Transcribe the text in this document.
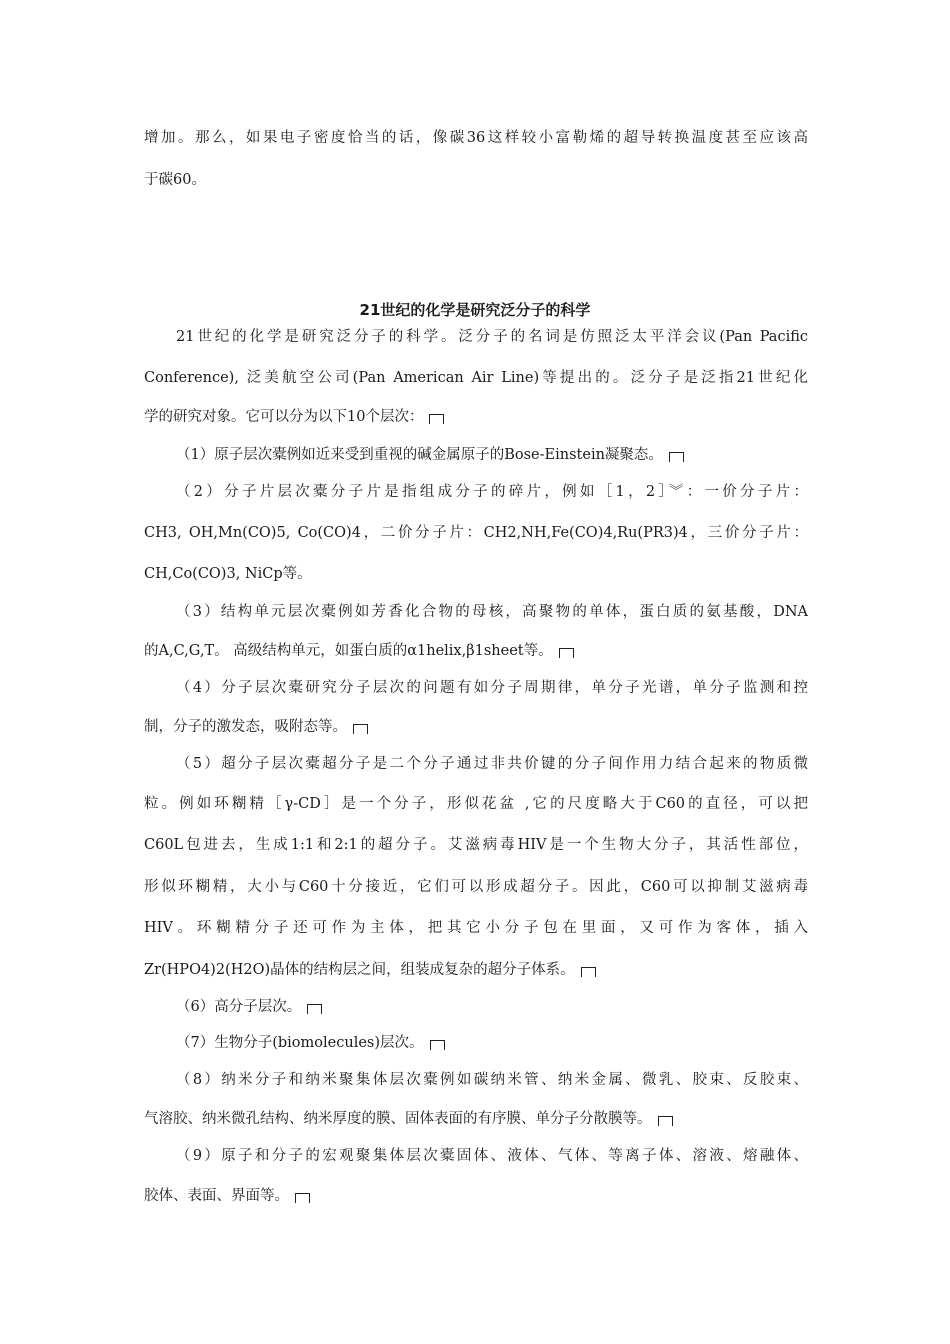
增加。那么，如果电子密度恰当的话，像碳36这样较小富勒烯的超导转换温度甚至应该高
于碳60。
21世纪的化学是研究泛分子的科学
21世纪的化学是研究泛分子的科学。泛分子的名词是仿照泛太平洋会议(Pan Pacific
Conference), 泛美航空公司(Pan American Air Line)等提出的。泛分子是泛指21世纪化
学的研究对象。它可以分为以下10个层次：
（1）原子层次橐例如近来受到重视的碱金属原子的Bose-Einstein凝聚态。
（2）分子片层次橐分子片是指组成分子的碎片，例如［1，2］︾：一价分子片：
CH3, OH,Mn(CO)5, Co(CO)4，二价分子片：CH2,NH,Fe(CO)4,Ru(PR3)4，三价分子片：
CH,Co(CO)3, NiCp等。
（3）结构单元层次橐例如芳香化合物的母核，高聚物的单体，蛋白质的氨基酸，DNA
的A,C,G,T。 高级结构单元，如蛋白质的α1helix,β1sheet等。
（4）分子层次橐研究分子层次的问题有如分子周期律，单分子光谱，单分子监测和控
制，分子的激发态，吸附态等。
（5）超分子层次橐超分子是二个分子通过非共价键的分子间作用力结合起来的物质微
粒。例如环糊精［γ-CD］是一个分子，形似花盆 ,它的尺度略大于C60的直径，可以把
C60L包进去，生成1:1和2:1的超分子。艾滋病毒HIV是一个生物大分子，其活性部位，
形似环糊精，大小与C60十分接近，它们可以形成超分子。因此，C60可以抑制艾滋病毒
HIV。环糊精分子还可作为主体，把其它小分子包在里面，又可作为客体，插入
Zr(HPO4)2(H2O)晶体的结构层之间，组装成复杂的超分子体系。
（6）高分子层次。
（7）生物分子(biomolecules)层次。
（8）纳米分子和纳米聚集体层次橐例如碳纳米管、纳米金属、微乳、胶束、反胶束、
气溶胶、纳米微孔结构、纳米厚度的膜、固体表面的有序膜、单分子分散膜等。
（9）原子和分子的宏观聚集体层次橐固体、液体、气体、等离子体、溶液、熔融体、
胶体、表面、界面等。
